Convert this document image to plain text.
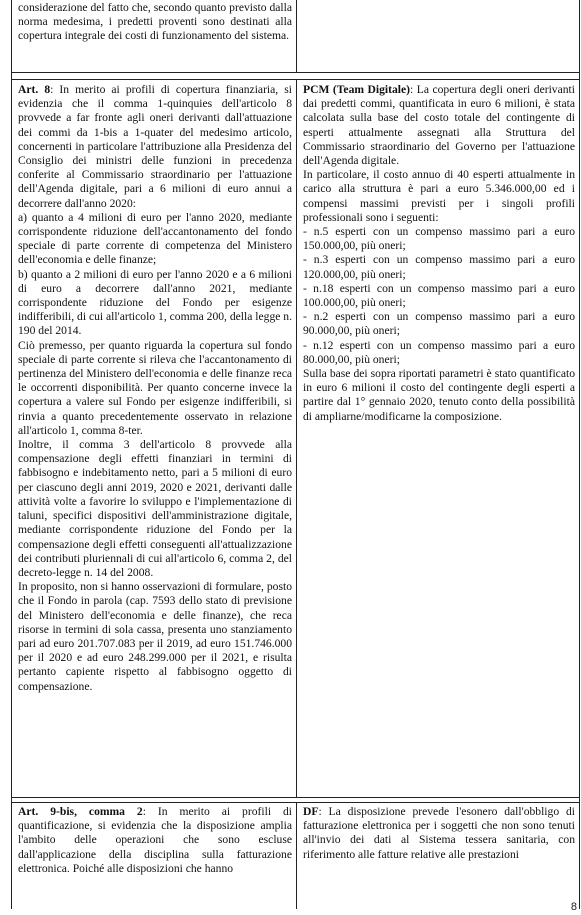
considerazione del fatto che, secondo quanto previsto dalla norma medesima, i predetti proventi sono destinati alla copertura integrale dei costi di funzionamento del sistema.

Art. 8: In merito ai profili di copertura finanziaria, si evidenzia che il comma 1-quinquies dell'articolo 8 provvede a far fronte agli oneri derivanti dall'attuazione dei commi da 1-bis a 1-quater del medesimo articolo, concernenti in particolare l'attribuzione alla Presidenza del Consiglio dei ministri delle funzioni in precedenza conferite al Commissario straordinario per l'attuazione dell'Agenda digitale, pari a 6 milioni di euro annui a decorrere dall'anno 2020:

a) quanto a 4 milioni di euro per l'anno 2020, mediante corrispondente riduzione dell'accantonamento del fondo speciale di parte corrente di competenza del Ministero dell'economia e delle finanze;

b) quanto a 2 milioni di euro per l'anno 2020 e a 6 milioni di euro a decorrere dall'anno 2021, mediante corrispondente riduzione del Fondo per esigenze indifferibili, di cui all'articolo 1, comma 200, della legge n. 190 del 2014.

Ciò premesso, per quanto riguarda la copertura sul fondo speciale di parte corrente si rileva che l'accantonamento di pertinenza del Ministero dell'economia e delle finanze reca le occorrenti disponibilità. Per quanto concerne invece la copertura a valere sul Fondo per esigenze indifferibili, si rinvia a quanto precedentemente osservato in relazione all'articolo 1, comma 8-ter.

Inoltre, il comma 3 dell'articolo 8 provvede alla compensazione degli effetti finanziari in termini di fabbisogno e indebitamento netto, pari a 5 milioni di euro per ciascuno degli anni 2019, 2020 e 2021, derivanti dalle attività volte a favorire lo sviluppo e l'implementazione di taluni, specifici dispositivi dell'amministrazione digitale, mediante corrispondente riduzione del Fondo per la compensazione degli effetti conseguenti all'attualizzazione dei contributi pluriennali di cui all'articolo 6, comma 2, del decreto-legge n. 14 del 2008.

In proposito, non si hanno osservazioni di formulare, posto che il Fondo in parola (cap. 7593 dello stato di previsione del Ministero dell'economia e delle finanze), che reca risorse in termini di sola cassa, presenta uno stanziamento pari ad euro 201.707.083 per il 2019, ad euro 151.746.000 per il 2020 e ad euro 248.299.000 per il 2021, e risulta pertanto capiente rispetto al fabbisogno oggetto di compensazione.

PCM (Team Digitale): La copertura degli oneri derivanti dai predetti commi, quantificata in euro 6 milioni, è stata calcolata sulla base del costo totale del contingente di esperti attualmente assegnati alla Struttura del Commissario straordinario del Governo per l'attuazione dell'Agenda digitale.

In particolare, il costo annuo di 40 esperti attualmente in carico alla struttura è pari a euro 5.346.000,00 ed i compensi massimi previsti per i singoli profili professionali sono i seguenti:

- n.5 esperti con un compenso massimo pari a euro 150.000,00, più oneri;
- n.3 esperti con un compenso massimo pari a euro 120.000,00, più oneri;
- n.18 esperti con un compenso massimo pari a euro 100.000,00, più oneri;
- n.2 esperti con un compenso massimo pari a euro 90.000,00, più oneri;
- n.12 esperti con un compenso massimo pari a euro 80.000,00, più oneri;

Sulla base dei sopra riportati parametri è stato quantificato in euro 6 milioni il costo del contingente degli esperti a partire dal 1° gennaio 2020, tenuto conto della possibilità di ampliarne/modificarne la composizione.

Art. 9-bis, comma 2: In merito ai profili di quantificazione, si evidenzia che la disposizione amplia l'ambito delle operazioni che sono escluse dall'applicazione della disciplina sulla fatturazione elettronica. Poiché alle disposizioni che hanno

DF: La disposizione prevede l'esonero dall'obbligo di fatturazione elettronica per i soggetti che non sono tenuti all'invio dei dati al Sistema tessera sanitaria, con riferimento alle fatture relative alle prestazioni

8
